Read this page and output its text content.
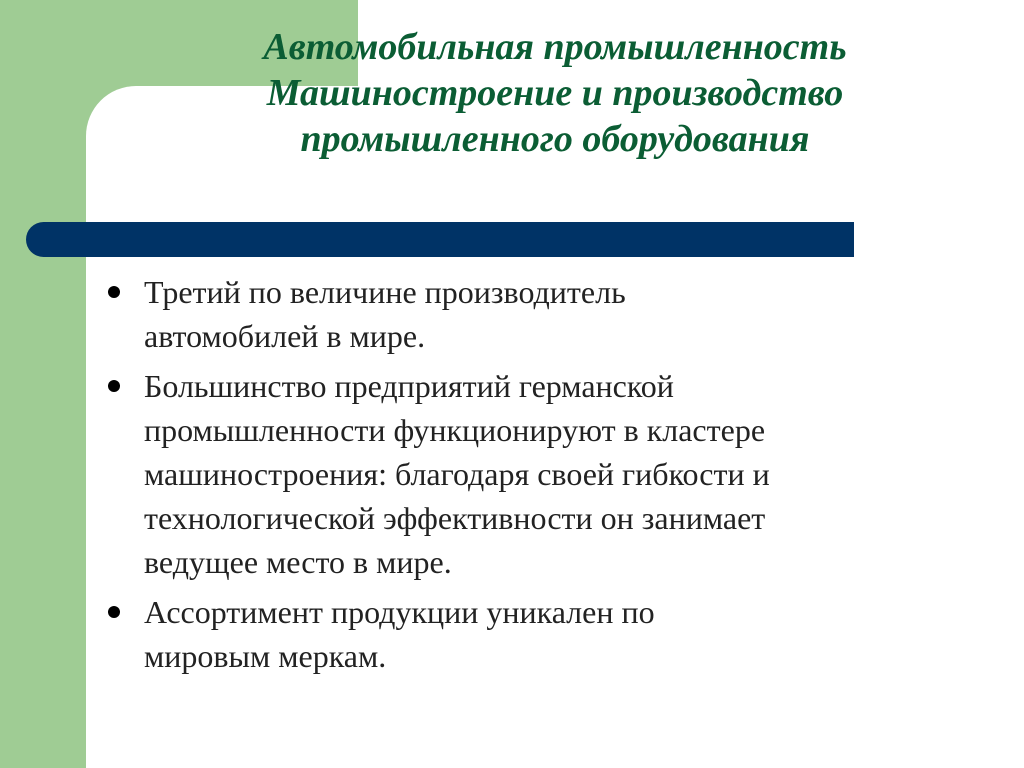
Автомобильная промышленность
Машиностроение и производство
промышленного оборудования
Третий по величине производитель
автомобилей в мире.
Большинство предприятий германской
промышленности функционируют в кластере
машиностроения: благодаря своей гибкости и
технологической эффективности он занимает
ведущее место в мире.
Ассортимент продукции уникален по
мировым меркам.
